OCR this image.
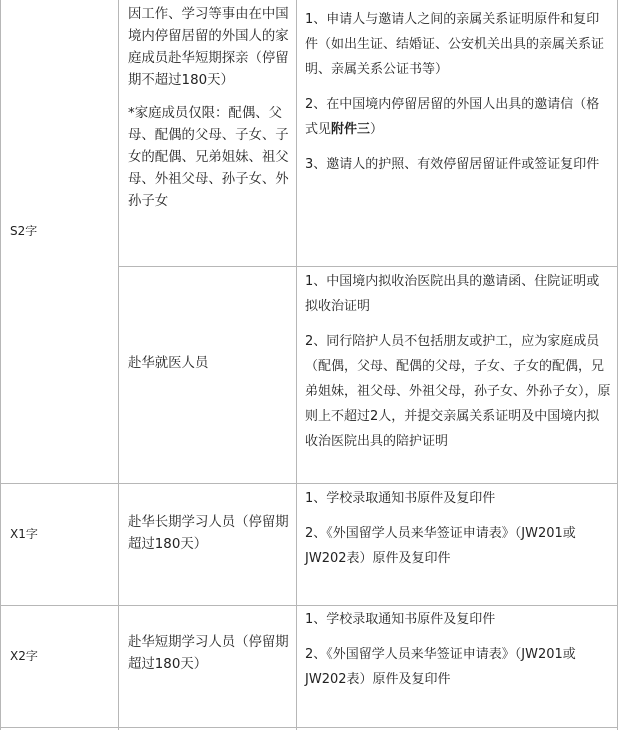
S2字

因工作、学习等事由在中国境内停留居留的外国人的家庭成员赴华短期探亲（停留期不超过180天）

*家庭成员仅限：配偶、父母、配偶的父母、子女、子女的配偶、兄弟姐妹、祖父母、外祖父母、孙子女、外孙子女

1、申请人与邀请人之间的亲属关系证明原件和复印件（如出生证、结婚证、公安机关出具的亲属关系证明、亲属关系公证书等）

2、在中国境内停留居留的外国人出具的邀请信（格式见附件三）

3、邀请人的护照、有效停留居留证件或签证复印件

赴华就医人员

1、中国境内拟收治医院出具的邀请函、住院证明或拟收治证明

2、同行陪护人员不包括朋友或护工，应为家庭成员（配偶，父母、配偶的父母，子女、子女的配偶，兄弟姐妹，祖父母、外祖父母，孙子女、外孙子女），原则上不超过2人，并提交亲属关系证明及中国境内拟收治医院出具的陪护证明

X1字
赴华长期学习人员（停留期超过180天）

1、学校录取通知书原件及复印件

2、《外国留学人员来华签证申请表》（JW201或JW202表）原件及复印件

X2字
赴华短期学习人员（停留期超过180天）

1、学校录取通知书原件及复印件

2、《外国留学人员来华签证申请表》（JW201或JW202表）原件及复印件
